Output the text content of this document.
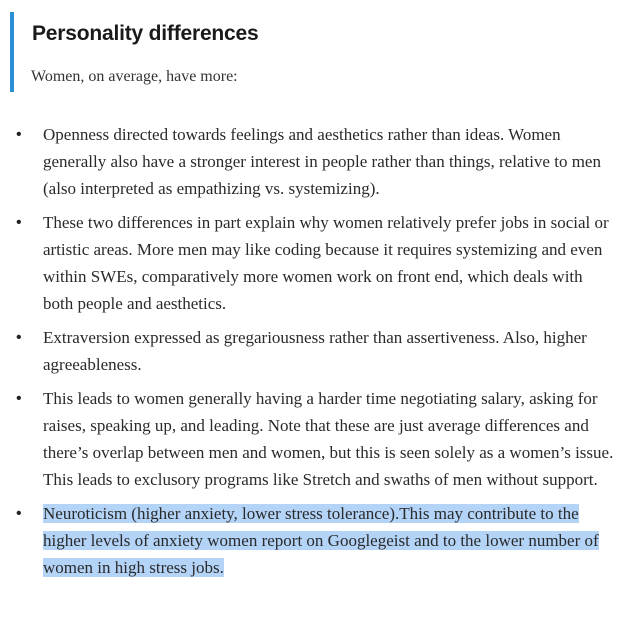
Personality differences

Women, on average, have more:

• Openness directed towards feelings and aesthetics rather than ideas. Women generally also have a stronger interest in people rather than things, relative to men (also interpreted as empathizing vs. systemizing).
• These two differences in part explain why women relatively prefer jobs in social or artistic areas. More men may like coding because it requires systemizing and even within SWEs, comparatively more women work on front end, which deals with both people and aesthetics.
• Extraversion expressed as gregariousness rather than assertiveness. Also, higher agreeableness.
• This leads to women generally having a harder time negotiating salary, asking for raises, speaking up, and leading. Note that these are just average differences and there’s overlap between men and women, but this is seen solely as a women’s issue. This leads to exclusory programs like Stretch and swaths of men without support.
• Neuroticism (higher anxiety, lower stress tolerance).This may contribute to the higher levels of anxiety women report on Googlegeist and to the lower number of women in high stress jobs.
